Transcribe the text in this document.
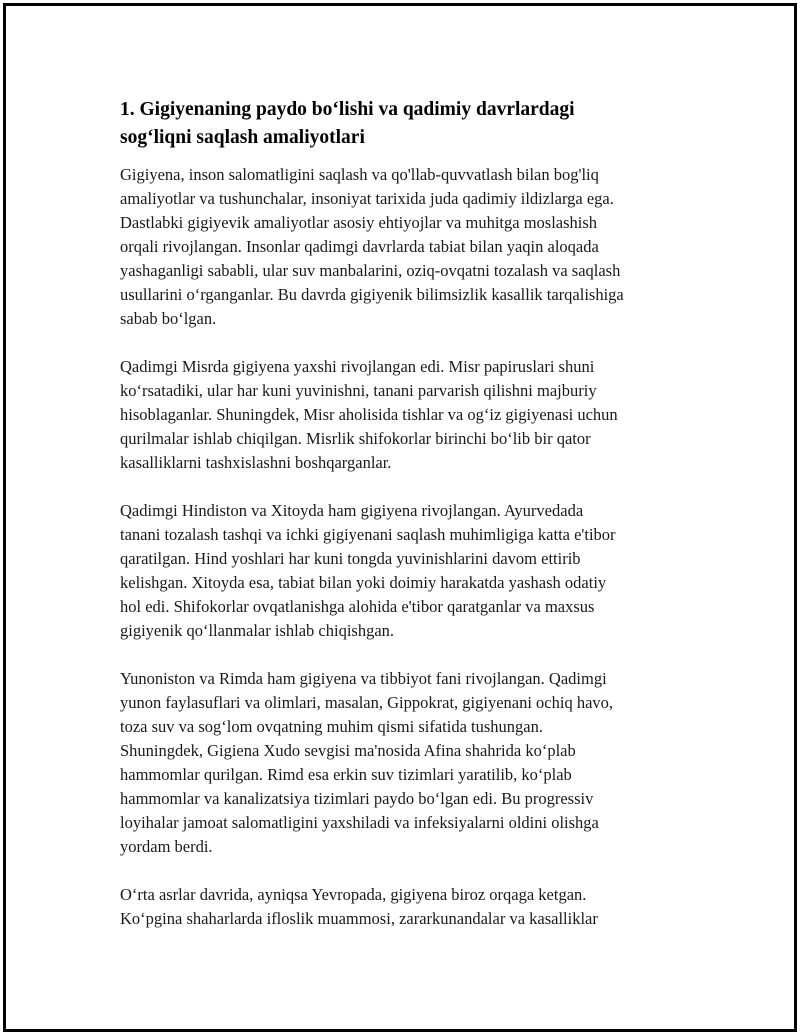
1. Gigiyenaning paydo bo‘lishi va qadimiy davrlardagi
sog‘liqni saqlash amaliyotlari

Gigiyena, inson salomatligini saqlash va qo'llab-quvvatlash bilan bog'liq
amaliyotlar va tushunchalar, insoniyat tarixida juda qadimiy ildizlarga ega.
Dastlabki gigiyevik amaliyotlar asosiy ehtiyojlar va muhitga moslashish
orqali rivojlangan. Insonlar qadimgi davrlarda tabiat bilan yaqin aloqada
yashaganligi sababli, ular suv manbalarini, oziq-ovqatni tozalash va saqlash
usullarini o‘rganganlar. Bu davrda gigiyenik bilimsizlik kasallik tarqalishiga
sabab bo‘lgan.

Qadimgi Misrda gigiyena yaxshi rivojlangan edi. Misr papiruslari shuni
ko‘rsatadiki, ular har kuni yuvinishni, tanani parvarish qilishni majburiy
hisoblaganlar. Shuningdek, Misr aholisida tishlar va og‘iz gigiyenasi uchun
qurilmalar ishlab chiqilgan. Misrlik shifokorlar birinchi bo‘lib bir qator
kasalliklarni tashxislashni boshqarganlar.

Qadimgi Hindiston va Xitoyda ham gigiyena rivojlangan. Ayurvedada
tanani tozalash tashqi va ichki gigiyenani saqlash muhimligiga katta e'tibor
qaratilgan. Hind yoshlari har kuni tongda yuvinishlarini davom ettirib
kelishgan. Xitoyda esa, tabiat bilan yoki doimiy harakatda yashash odatiy
hol edi. Shifokorlar ovqatlanishga alohida e'tibor qaratganlar va maxsus
gigiyenik qo‘llanmalar ishlab chiqishgan.

Yunoniston va Rimda ham gigiyena va tibbiyot fani rivojlangan. Qadimgi
yunon faylasuflari va olimlari, masalan, Gippokrat, gigiyenani ochiq havo,
toza suv va sog‘lom ovqatning muhim qismi sifatida tushungan.
Shuningdek, Gigiena Xudo sevgisi ma'nosida Afina shahrida ko‘plab
hammomlar qurilgan. Rimd esa erkin suv tizimlari yaratilib, ko‘plab
hammomlar va kanalizatsiya tizimlari paydo bo‘lgan edi. Bu progressiv
loyihalar jamoat salomatligini yaxshiladi va infeksiyalarni oldini olishga
yordam berdi.

O‘rta asrlar davrida, ayniqsa Yevropada, gigiyena biroz orqaga ketgan.
Ko‘pgina shaharlarda ifloslik muammosi, zararkunandalar va kasalliklar
